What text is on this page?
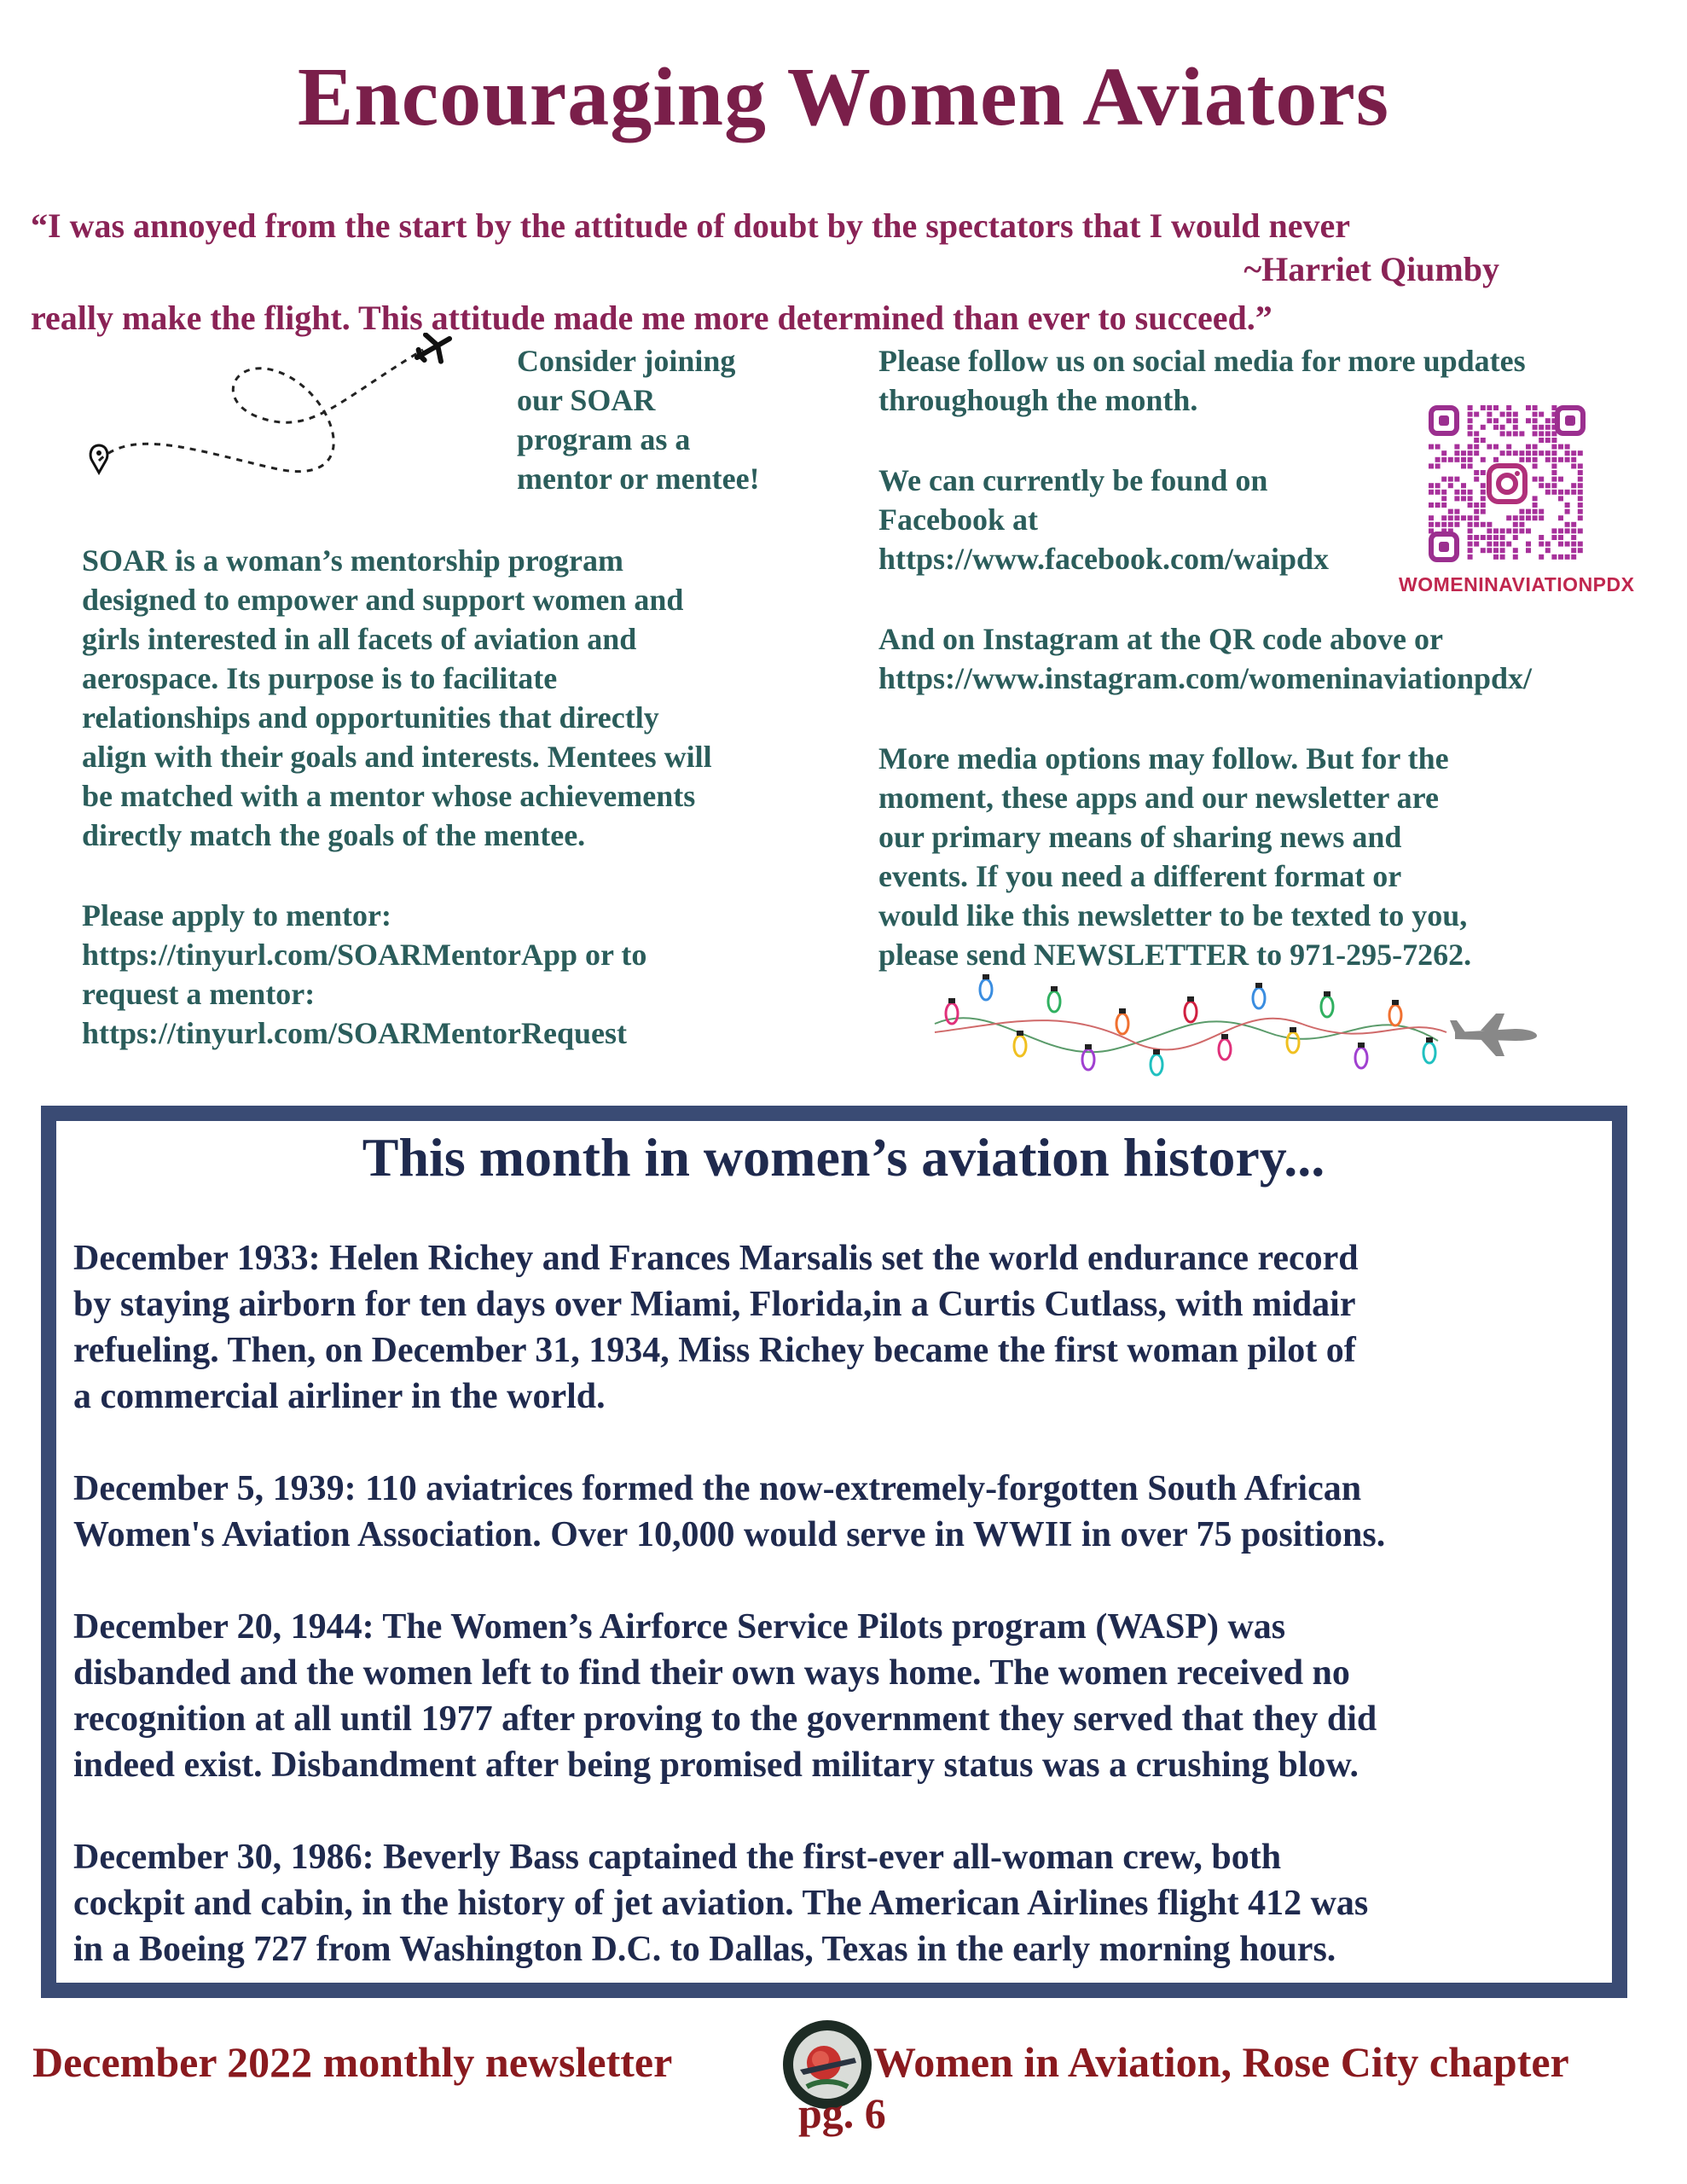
Encouraging Women Aviators

“I was annoyed from the start by the attitude of doubt by the spectators that I would never

really make the flight. This attitude made me more determined than ever to succeed.”

~Harriet Qiumby
Consider joining
our SOAR
program as a
mentor or mentee!
SOAR is a woman’s mentorship program
designed to empower and support women and
girls interested in all facets of aviation and
aerospace. Its purpose is to facilitate
relationships and opportunities that directly
align with their goals and interests. Mentees will
be matched with a mentor whose achievements
directly match the goals of the mentee.
Please apply to mentor:
https://tinyurl.com/SOARMentorApp or to
request a mentor:
https://tinyurl.com/SOARMentorRequest
Please follow us on social media for more updates
throughough the month.
We can currently be found on
Facebook at
https://www.facebook.com/waipdx
WOMENINAVIATIONPDX
And on Instagram at the QR code above or
https://www.instagram.com/womeninaviationpdx/
More media options may follow. But for the
moment, these apps and our newsletter are
our primary means of sharing news and
events. If you need a different format or
would like this newsletter to be texted to you,
please send NEWSLETTER to 971-295-7262.
This month in women’s aviation history...
December 1933: Helen Richey and Frances Marsalis set the world endurance record
by staying airborn for ten days over Miami, Florida,in a Curtis Cutlass, with midair
refueling. Then, on December 31, 1934, Miss Richey became the first woman pilot of
a commercial airliner in the world.
December 5, 1939: 110 aviatrices formed the now-extremely-forgotten South African
Women's Aviation Association. Over 10,000 would serve in WWII in over 75 positions.
December 20, 1944: The Women’s Airforce Service Pilots program (WASP) was
disbanded and the women left to find their own ways home. The women received no
recognition at all until 1977 after proving to the government they served that they did
indeed exist. Disbandment after being promised military status was a crushing blow.
December 30, 1986: Beverly Bass captained the first-ever all-woman crew, both
cockpit and cabin, in the history of jet aviation. The American Airlines flight 412 was
in a Boeing 727 from Washington D.C. to Dallas, Texas in the early morning hours.
December 2022 monthly newsletter	Women in Aviation, Rose City chapter
pg. 6
